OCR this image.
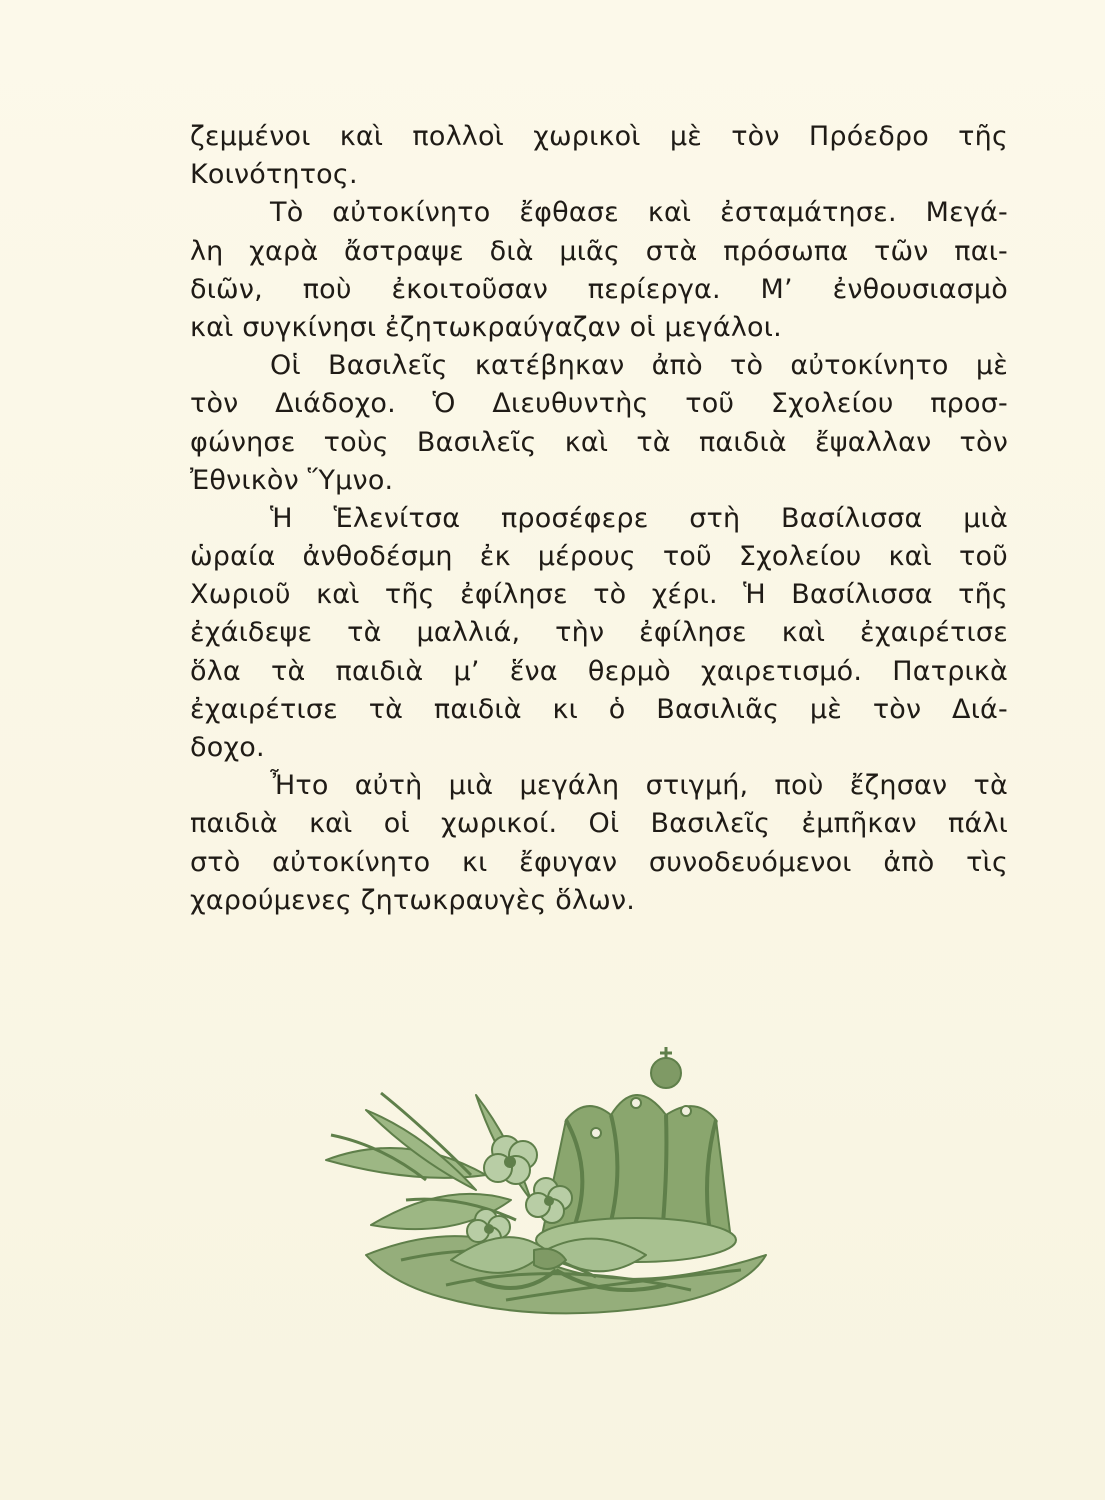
ζεμμένοι καὶ πολλοὶ χωρικοὶ μὲ τὸν Πρόεδρο τῆς
Κοινότητος.
Τὸ αὐτοκίνητο ἔφθασε καὶ ἐσταμάτησε. Μεγά-
λη χαρὰ ἄστραψε διὰ μιᾶς στὰ πρόσωπα τῶν παι-
διῶν, ποὺ ἐκοιτοῦσαν περίεργα. Μ’ ἐνθουσιασμὸ
καὶ συγκίνησι ἐζητωκραύγαζαν οἱ μεγάλοι.
Οἱ Βασιλεῖς κατέβηκαν ἀπὸ τὸ αὐτοκίνητο μὲ
τὸν Διάδοχο. Ὁ Διευθυντὴς τοῦ Σχολείου προσ-
φώνησε τοὺς Βασιλεῖς καὶ τὰ παιδιὰ ἔψαλλαν τὸν
Ἐθνικὸν Ὕμνο.
Ἡ Ἑλενίτσα προσέφερε στὴ Βασίλισσα μιὰ
ὡραία ἀνθοδέσμη ἐκ μέρους τοῦ Σχολείου καὶ τοῦ
Χωριοῦ καὶ τῆς ἐφίλησε τὸ χέρι. Ἡ Βασίλισσα τῆς
ἐχάιδεψε τὰ μαλλιά, τὴν ἐφίλησε καὶ ἐχαιρέτισε
ὅλα τὰ παιδιὰ μ’ ἕνα θερμὸ χαιρετισμό. Πατρικὰ
ἐχαιρέτισε τὰ παιδιὰ κι ὁ Βασιλιᾶς μὲ τὸν Διά-
δοχο.
Ἦτο αὐτὴ μιὰ μεγάλη στιγμή, ποὺ ἔζησαν τὰ
παιδιὰ καὶ οἱ χωρικοί. Οἱ Βασιλεῖς ἐμπῆκαν πάλι
στὸ αὐτοκίνητο κι ἔφυγαν συνοδευόμενοι ἀπὸ τὶς
χαρούμενες ζητωκραυγὲς ὅλων.
